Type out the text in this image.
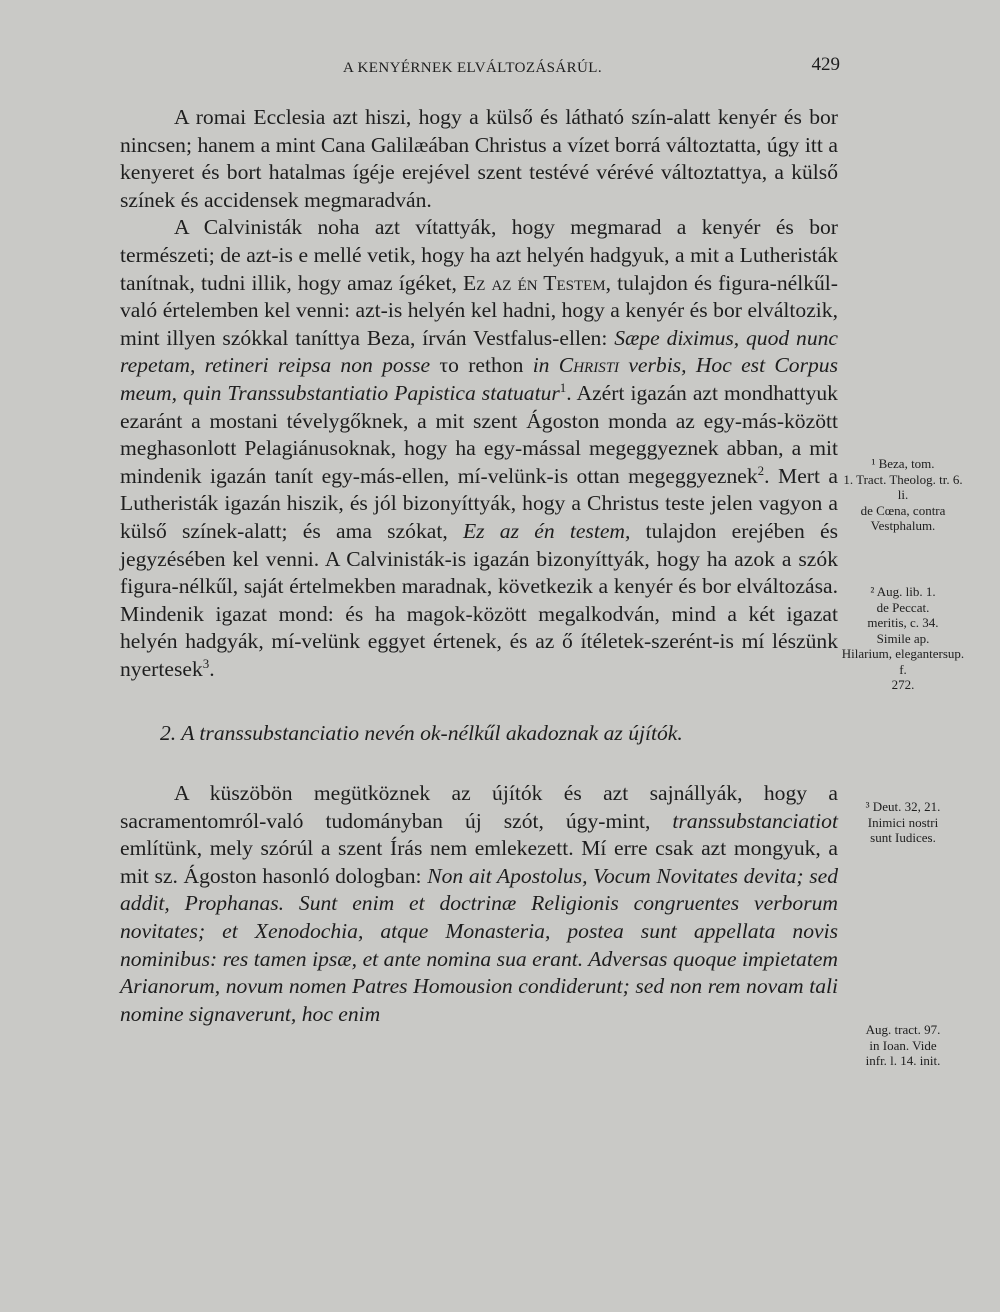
A KENYÉRNEK ELVÁLTOZÁSÁRÚL.	429

A romai Ecclesia azt hiszi, hogy a külső és látható szín-alatt kenyér és bor nincsen; hanem a mint Cana Galilæában Christus a vízet borrá változtatta, úgy itt a kenyeret és bort hatalmas ígéje erejével szent testévé vérévé változtattya, a külső színek és accidensek megmaradván.

A Calvinisták noha azt vítattyák, hogy megmarad a kenyér és bor természeti; de azt-is e mellé vetik, hogy ha azt helyén hadgyuk, a mit a Lutheristák tanítnak, tudni illik, hogy amaz ígéket, Ez az én Testem, tulajdon és figura-nélkűl-való értelemben kel venni: azt-is helyén kel hadni, hogy a kenyér és bor elváltozik, mint illyen szókkal taníttya Beza, írván Vestfalus-ellen: Sæpe diximus, quod nunc repetam, retineri reipsa non posse το rethon in Christi verbis, Hoc est Corpus meum, quin Transsubstantiatio Papistica statuatur$^1$. Azért igazán azt mondhattyuk ezaránt a mostani tévelygőknek, a mit szent Ágoston monda az egy-más-között meghasonlott Pelagiánusoknak, hogy ha egy-mással megeggyeznek abban, a mit mindenik igazán tanít egy-más-ellen, mí-velünk-is ottan megeggyeznek$^2$. Mert a Lutheristák igazán hiszik, és jól bizonyíttyák, hogy a Christus teste jelen vagyon a külső színek-alatt; és ama szókat, Ez az én testem, tulajdon erejében és jegyzésében kel venni. A Calvinisták-is igazán bizonyíttyák, hogy ha azok a szók figura-nélkűl, saját értelmekben maradnak, következik a kenyér és bor elváltozása. Mindenik igazat mond: és ha magok-között megalkodván, mind a két igazat helyén hadgyák, mí-velünk eggyet értenek, és az ő ítéletek-szerént-is mí lészünk nyertesek$^3$.

2. A transsubstanciatio nevén ok-nélkűl akadoznak az újítók.

A küszöbön megütköznek az újítók és azt sajnállyák, hogy a sacramentomról-való tudományban új szót, úgy-mint, transsubstanciatiot említünk, mely szórúl a szent Írás nem emlekezett. Mí erre csak azt mongyuk, a mit sz. Ágoston hasonló dologban: Non ait Apostolus, Vocum Novitates devita; sed addit, Prophanas. Sunt enim et doctrinæ Religionis congruentes verborum novitates; et Xenodochia, atque Monasteria, postea sunt appellata novis nominibus: res tamen ipsæ, et ante nomina sua erant. Adversas quoque impietatem Arianorum, novum nomen Patres Homousion condiderunt; sed non rem novam tali nomine signaverunt, hoc enim

¹ Beza, tom.
1. Tract. Theolog. tr. 6. li.
de Cœna, contra Vestphalum.
² Aug. lib. 1.
de Peccat.
meritis, c. 34.
Simile ap.
Hilarium, elegantersup. f.
272.
³ Deut. 32, 21.
Inimici nostri
sunt Iudices.
Aug. tract. 97.
in Ioan. Vide
infr. l. 14. init.
